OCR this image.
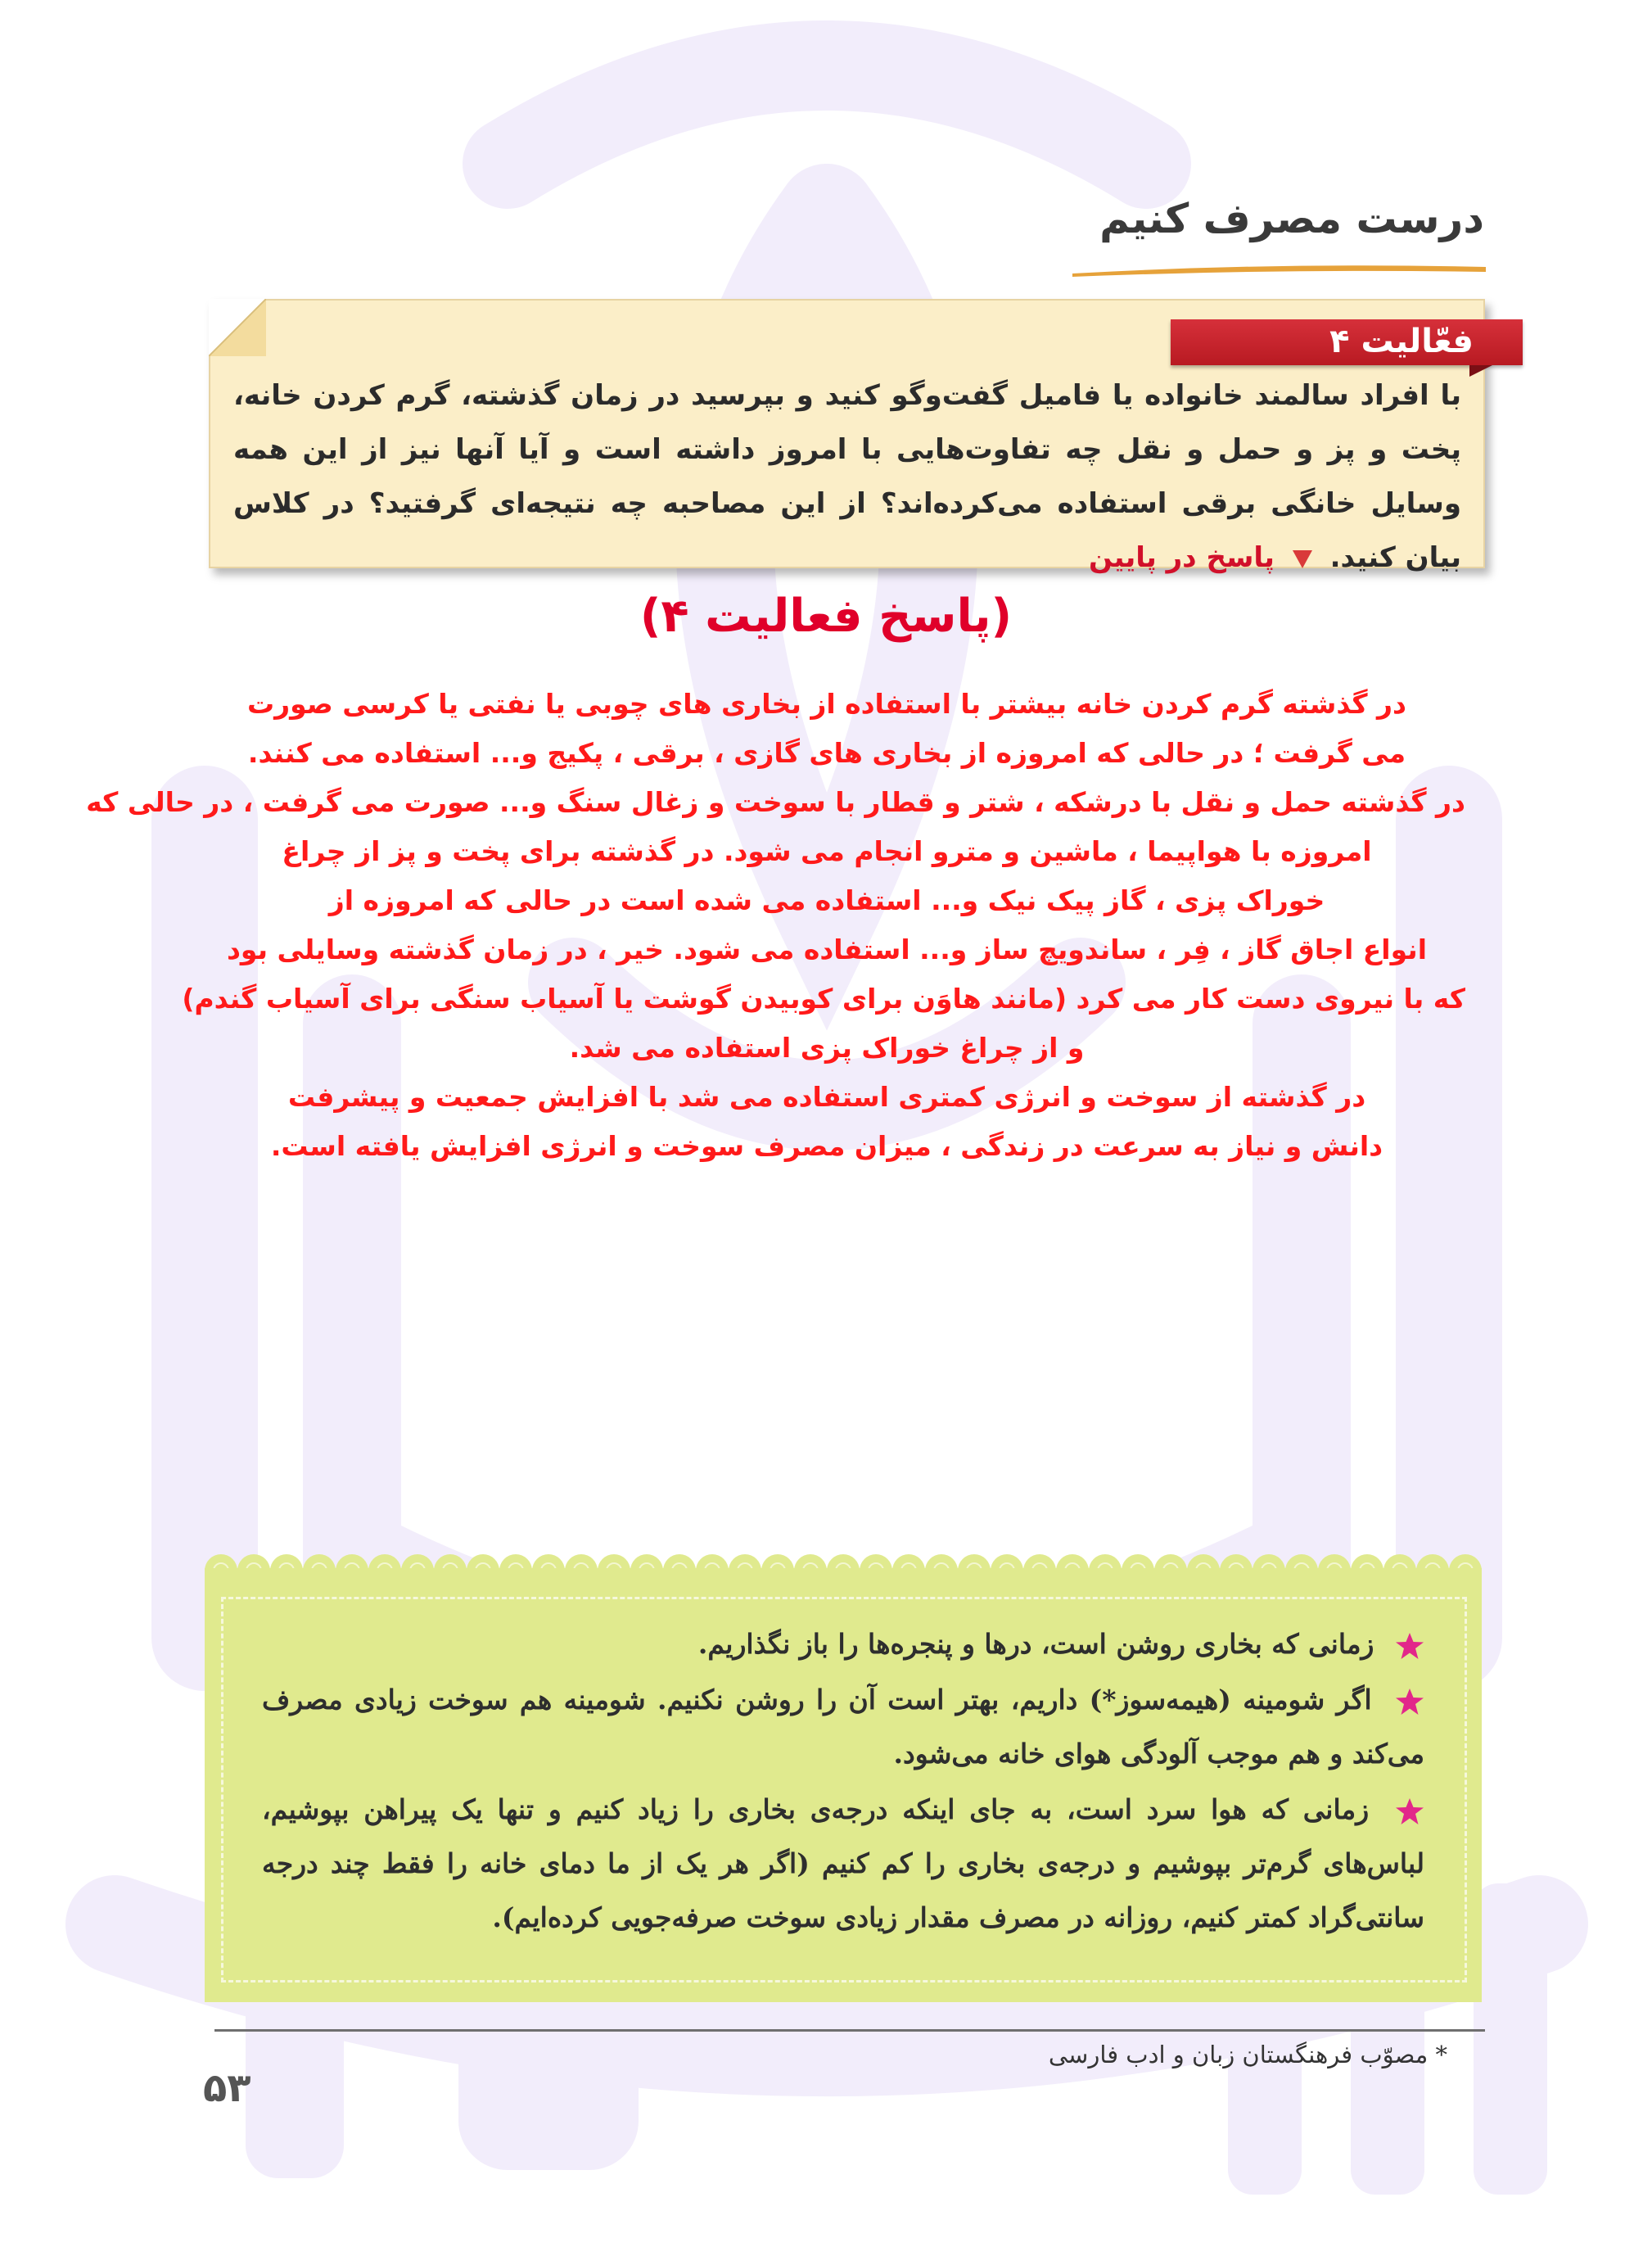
درست مصرف کنیم
فعّالیت ۴
با افراد سالمند خانواده یا فامیل گفت‌وگو کنید و بپرسید در زمان گذشته، گرم کردن خانه، پخت و پز و حمل و نقل چه تفاوت‌هایی با امروز داشته است و آیا آنها نیز از این همه وسایل خانگی برقی استفاده می‌کرده‌اند؟ از این مصاحبه چه نتیجه‌ای گرفتید؟ در کلاس بیان کنید.  پاسخ در پایین
(پاسخ فعالیت ۴)
در گذشته گرم کردن خانه بیشتر با استفاده از بخاری های چوبی یا نفتی یا کرسی صورت
می گرفت ؛ در حالی که امروزه از بخاری های گازی ، برقی ، پکیج و... استفاده می کنند.
در گذشته حمل و نقل با درشکه ، شتر و قطار با سوخت و زغال سنگ و... صورت می گرفت ، در حالی که
امروزه با هواپیما ، ماشین و مترو انجام می شود. در گذشته برای پخت و پز از چراغ
خوراک پزی ، گاز پیک نیک و... استفاده می شده است در حالی که امروزه از
انواع اجاق گاز ، فِر ، ساندویچ ساز و... استفاده می شود. خیر ، در زمان گذشته وسایلی بود
که با نیروی دست کار می کرد (مانند هاوَن برای کوبیدن گوشت یا آسیاب سنگی برای آسیاب گندم)
و از چراغ خوراک پزی استفاده می شد.
در گذشته از سوخت و انرژی کمتری استفاده می شد با افزایش جمعیت و پیشرفت
دانش و نیاز به سرعت در زندگی ، میزان مصرف سوخت و انرژی افزایش یافته است.
زمانی که بخاری روشن است، درها و پنجره‌ها را باز نگذاریم.
اگر شومینه (هیمه‌سوز*) داریم، بهتر است آن را روشن نکنیم. شومینه هم سوخت زیادی مصرف می‌کند و هم موجب آلودگی هوای خانه می‌شود.
زمانی که هوا سرد است، به جای اینکه درجه‌ی بخاری را زیاد کنیم و تنها یک پیراهن بپوشیم، لباس‌های گرم‌تر بپوشیم و درجه‌ی بخاری را کم کنیم (اگر هر یک از ما دمای خانه را فقط چند درجه سانتی‌گراد کمتر کنیم، روزانه در مصرف مقدار زیادی سوخت صرفه‌جویی کرده‌ایم).
* مصوّب فرهنگستان زبان و ادب فارسی
۵۳
